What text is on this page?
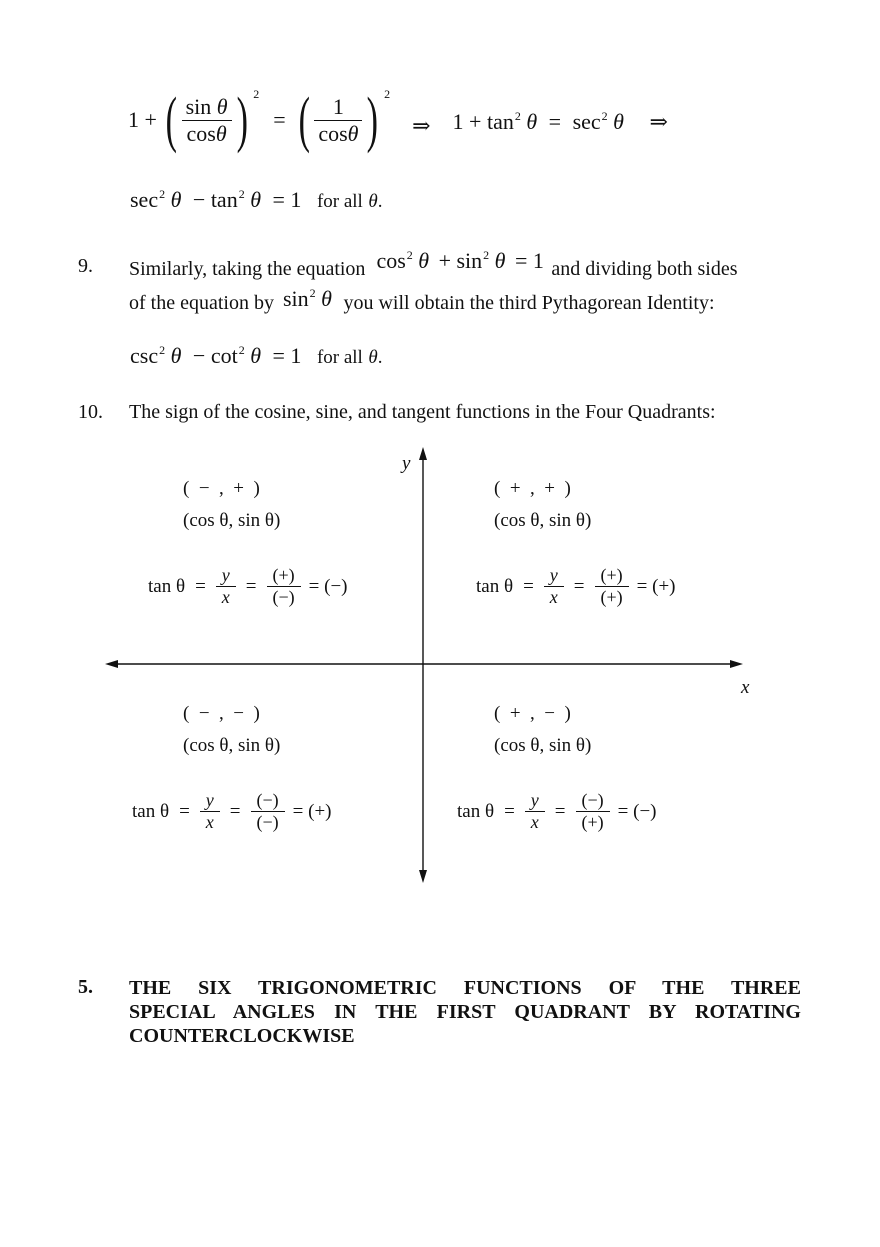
1 + ( $\frac{\text{sin θ}}{\cos\theta}$ ) 2
= ( $\frac{1}{\cos\theta}$ ) 2
⇒ $1 + \tan^2 \theta = \sec^2 \theta$ ⇒
$\sec^2 \theta - \tan^2 \theta = 1$ for all θ.
9. Similarly, taking the equation $\cos^2 \theta + \sin^2 \theta = 1$ and dividing both sides
of the equation by $\sin^2 \theta$ you will obtain the third Pythagorean Identity:
$\csc^2 \theta - \cot^2 \theta = 1$ for all θ.
10. The sign of the cosine, sine, and tangent functions in the Four Quadrants:
y
x
(  −  ,  +  )
(cos θ, sin θ)
$\tan \theta = \frac{y}{x} = \frac{(+)}{(-)}$ = (−)
(  +  ,  +  )
(cos θ, sin θ)
$\tan \theta = \frac{y}{x} = \frac{(+)}{(+)}$ = (+)
(  −  ,  −  )
(cos θ, sin θ)
$\tan \theta = \frac{y}{x} = \frac{(-)}{(-)}$ = (+)
(  +  ,  −  )
(cos θ, sin θ)
$\tan \theta = \frac{y}{x} = \frac{(-)}{(+)}$ = (−)
5. THE SIX TRIGONOMETRIC FUNCTIONS OF THE THREE
SPECIAL ANGLES IN THE FIRST QUADRANT BY ROTATING
COUNTERCLOCKWISE
